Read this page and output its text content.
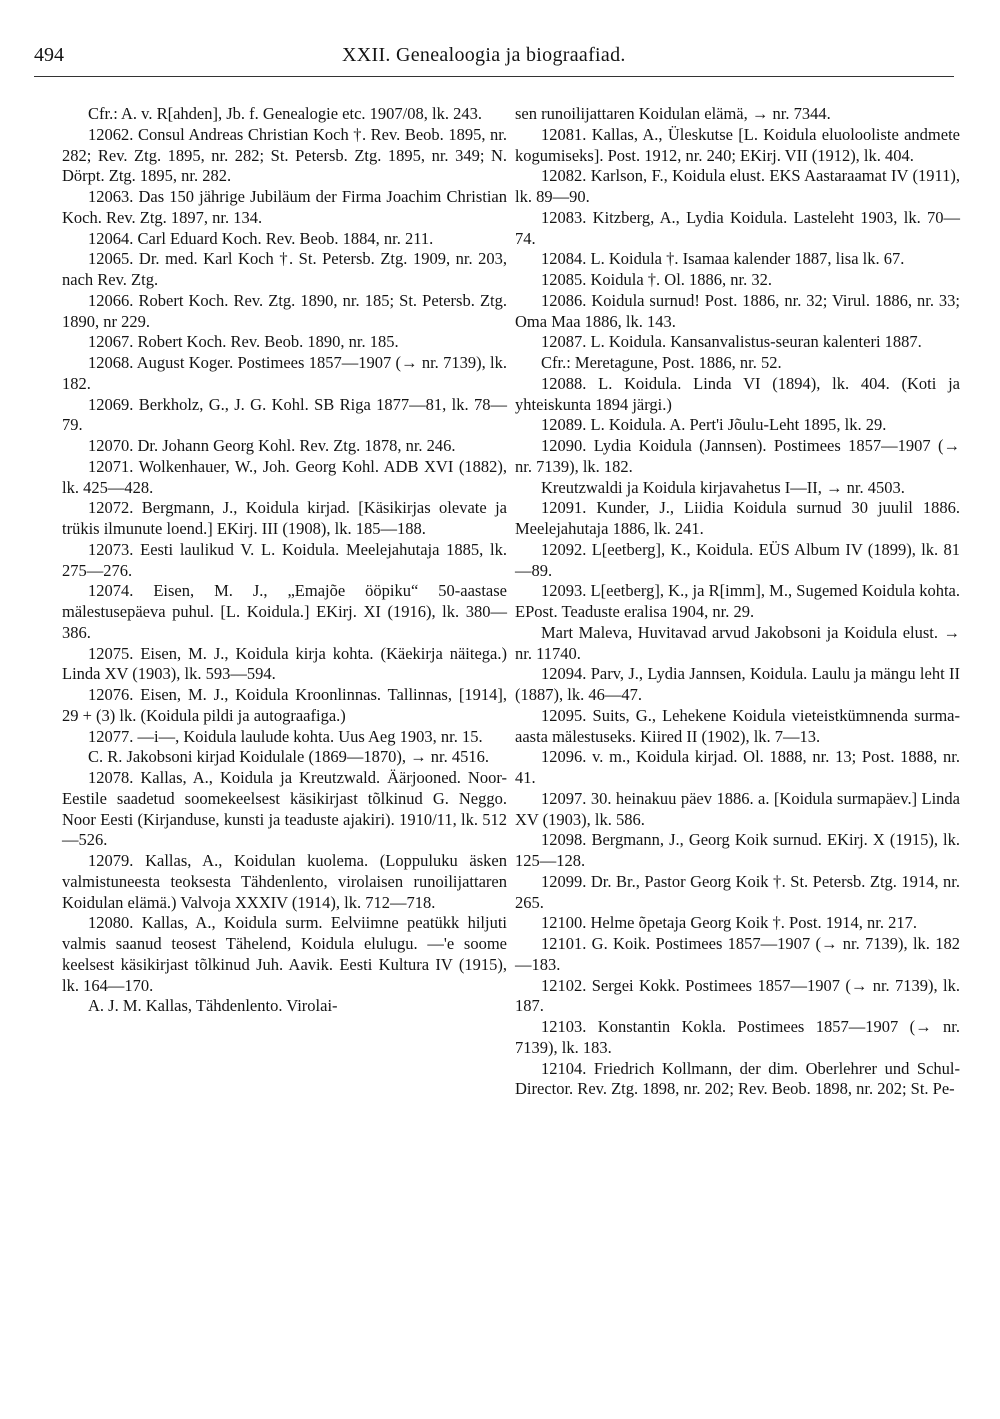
494	XXII. Genealoogia ja biograafiad.

Cfr.: A. v. R[ahden], Jb. f. Genealogie etc. 1907/08, lk. 243.

12062. Consul Andreas Christian Koch †. Rev. Beob. 1895, nr. 282; Rev. Ztg. 1895, nr. 282; St. Petersb. Ztg. 1895, nr. 349; N. Dörpt. Ztg. 1895, nr. 282.

12063. Das 150 jährige Jubiläum der Firma Joachim Christian Koch. Rev. Ztg. 1897, nr. 134.

12064. Carl Eduard Koch. Rev. Beob. 1884, nr. 211.

12065. Dr. med. Karl Koch †. St. Petersb. Ztg. 1909, nr. 203, nach Rev. Ztg.

12066. Robert Koch. Rev. Ztg. 1890, nr. 185; St. Petersb. Ztg. 1890, nr 229.

12067. Robert Koch. Rev. Beob. 1890, nr. 185.

12068. August Koger. Postimees 1857—1907 (→ nr. 7139), lk. 182.

12069. Berkholz, G., J. G. Kohl. SB Riga 1877—81, lk. 78—79.

12070. Dr. Johann Georg Kohl. Rev. Ztg. 1878, nr. 246.

12071. Wolkenhauer, W., Joh. Georg Kohl. ADB XVI (1882), lk. 425—428.

12072. Bergmann, J., Koidula kirjad. [Käsikirjas olevate ja trükis ilmunute loend.] EKirj. III (1908), lk. 185—188.

12073. Eesti laulikud V. L. Koidula. Meelejahutaja 1885, lk. 275—276.

12074. Eisen, M. J., „Emajõe ööpiku“ 50-aastase mälestusepäeva puhul. [L. Koidula.] EKirj. XI (1916), lk. 380—386.

12075. Eisen, M. J., Koidula kirja kohta. (Käekirja näitega.) Linda XV (1903), lk. 593—594.

12076. Eisen, M. J., Koidula Kroonlinnas. Tallinnas, [1914], 29 + (3) lk. (Koidula pildi ja autograafiga.)

12077. —i—, Koidula laulude kohta. Uus Aeg 1903, nr. 15.

C. R. Jakobsoni kirjad Koidulale (1869—1870), → nr. 4516.

12078. Kallas, A., Koidula ja Kreutzwald. Äärjooned. Noor-Eestile saadetud soomekeelsest käsikirjast tõlkinud G. Neggo. Noor Eesti (Kirjanduse, kunsti ja teaduste ajakiri). 1910/11, lk. 512—526.

12079. Kallas, A., Koidulan kuolema. (Loppuluku äsken valmistuneesta teoksesta Tähdenlento, virolaisen runoilijattaren Koidulan elämä.) Valvoja XXXIV (1914), lk. 712—718.

12080. Kallas, A., Koidula surm. Eelviimne peatükk hiljuti valmis saanud teosest Tähelend, Koidula elulugu. —'e soome keelsest käsikirjast tõlkinud Juh. Aavik. Eesti Kultura IV (1915), lk. 164—170.

A. J. M. Kallas, Tähdenlento. Virolai-

sen runoilijattaren Koidulan elämä, → nr. 7344.

12081. Kallas, A., Üleskutse [L. Koidula eluolooliste andmete kogumiseks]. Post. 1912, nr. 240; EKirj. VII (1912), lk. 404.

12082. Karlson, F., Koidula elust. EKS Aastaraamat IV (1911), lk. 89—90.

12083. Kitzberg, A., Lydia Koidula. Lasteleht 1903, lk. 70—74.

12084. L. Koidula †. Isamaa kalender 1887, lisa lk. 67.

12085. Koidula †. Ol. 1886, nr. 32.

12086. Koidula surnud! Post. 1886, nr. 32; Virul. 1886, nr. 33; Oma Maa 1886, lk. 143.

12087. L. Koidula. Kansanvalistus-seuran kalenteri 1887.

Cfr.: Meretagune, Post. 1886, nr. 52.

12088. L. Koidula. Linda VI (1894), lk. 404. (Koti ja yhteiskunta 1894 järgi.)

12089. L. Koidula. A. Pert'i Jõulu-Leht 1895, lk. 29.

12090. Lydia Koidula (Jannsen). Postimees 1857—1907 (→ nr. 7139), lk. 182.

Kreutzwaldi ja Koidula kirjavahetus I—II, → nr. 4503.

12091. Kunder, J., Liidia Koidula surnud 30 juulil 1886. Meelejahutaja 1886, lk. 241.

12092. L[eetberg], K., Koidula. EÜS Album IV (1899), lk. 81—89.

12093. L[eetberg], K., ja R[imm], M., Sugemed Koidula kohta. EPost. Teaduste eralisa 1904, nr. 29.

Mart Maleva, Huvitavad arvud Jakobsoni ja Koidula elust. → nr. 11740.

12094. Parv, J., Lydia Jannsen, Koidula. Laulu ja mängu leht II (1887), lk. 46—47.

12095. Suits, G., Lehekene Koidula vieteistkümnenda surma-aasta mälestuseks. Kiired II (1902), lk. 7—13.

12096. v. m., Koidula kirjad. Ol. 1888, nr. 13; Post. 1888, nr. 41.

12097. 30. heinakuu päev 1886. a. [Koidula surmapäev.] Linda XV (1903), lk. 586.

12098. Bergmann, J., Georg Koik surnud. EKirj. X (1915), lk. 125—128.

12099. Dr. Br., Pastor Georg Koik †. St. Petersb. Ztg. 1914, nr. 265.

12100. Helme õpetaja Georg Koik †. Post. 1914, nr. 217.

12101. G. Koik. Postimees 1857—1907 (→ nr. 7139), lk. 182—183.

12102. Sergei Kokk. Postimees 1857—1907 (→ nr. 7139), lk. 187.

12103. Konstantin Kokla. Postimees 1857—1907 (→ nr. 7139), lk. 183.

12104. Friedrich Kollmann, der dim. Oberlehrer und Schul-Director. Rev. Ztg. 1898, nr. 202; Rev. Beob. 1898, nr. 202; St. Pe-
